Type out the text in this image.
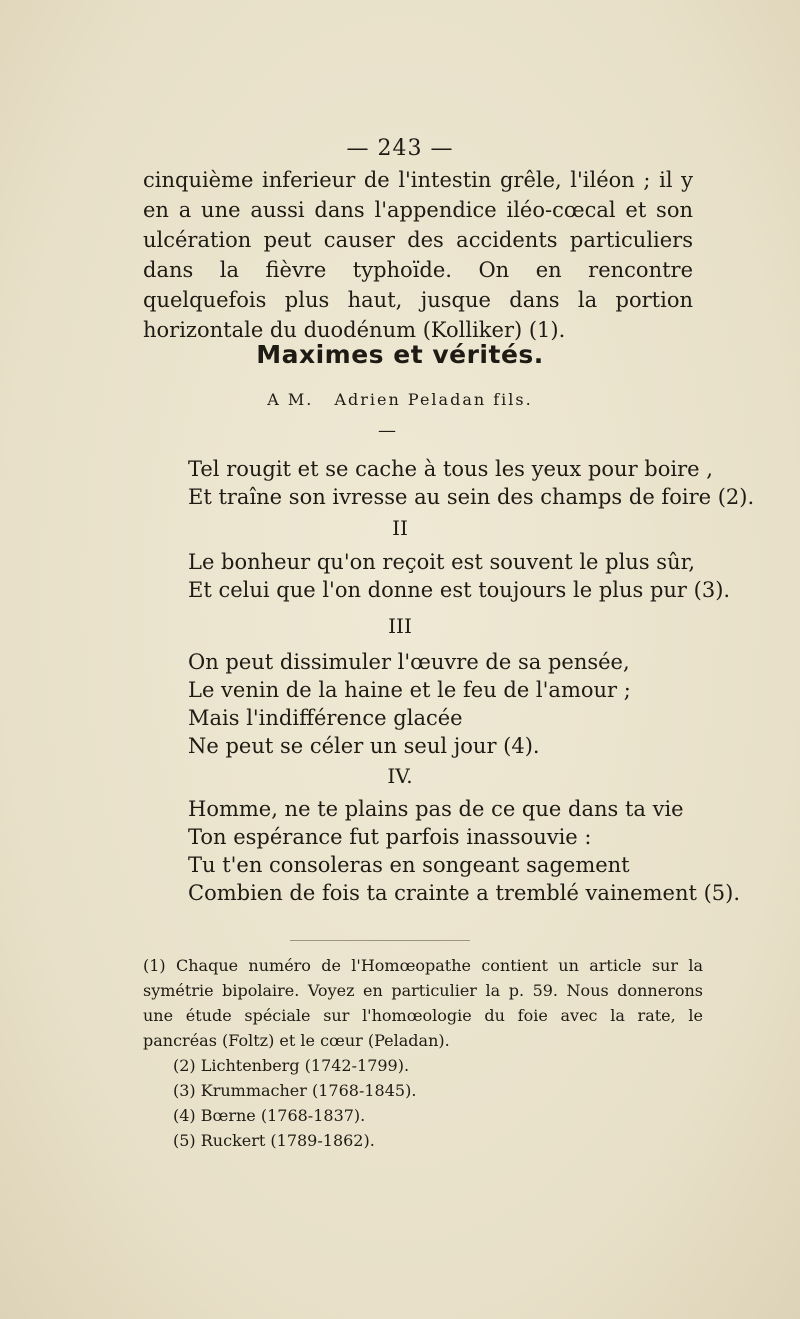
— 243 —

cinquième inferieur de l'intestin grêle, l'iléon ; il y en a une aussi dans l'appendice iléo-cœcal et son ulcération peut causer des accidents particuliers dans la fièvre typhoïde. On en rencontre quelquefois plus haut, jusque dans la portion horizontale du duodénum (Kolliker) (1).

Maximes et vérités.
A M. Adrien Peladan fils.
—
Tel rougit et se cache à tous les yeux pour boire ,
Et traîne son ivresse au sein des champs de foire (2).
II
Le bonheur qu'on reçoit est souvent le plus sûr,
Et celui que l'on donne est toujours le plus pur (3).
III
On peut dissimuler l'œuvre de sa pensée,
Le venin de la haine et le feu de l'amour ;
Mais l'indifférence glacée
Ne peut se céler un seul jour (4).
IV.
Homme, ne te plains pas de ce que dans ta vie
Ton espérance fut parfois inassouvie :
Tu t'en consoleras en songeant sagement
Combien de fois ta crainte a tremblé vainement (5).

(1) Chaque numéro de l'Homœopathe contient un article sur la symétrie bipolaire. Voyez en particulier la p. 59. Nous donnerons une étude spéciale sur l'homœologie du foie avec la rate, le pancréas (Foltz) et le cœur (Peladan).

(2) Lichtenberg (1742-1799).

(3) Krummacher (1768-1845).

(4) Bœrne (1768-1837).

(5) Ruckert (1789-1862).
